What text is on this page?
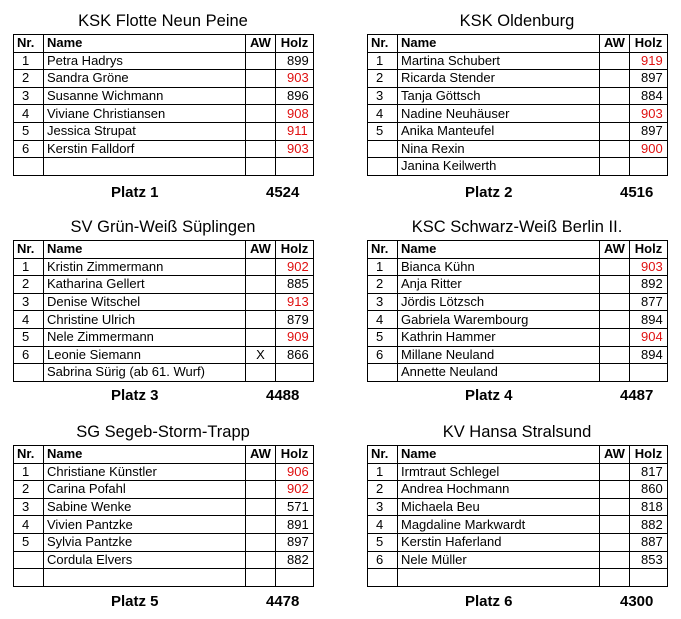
KSK Flotte Neun Peine
Nr.	Name	AW	Holz
1	Petra Hadrys		899
2	Sandra Gröne		903
3	Susanne Wichmann		896
4	Viviane Christiansen		908
5	Jessica Strupat		911
6	Kerstin Falldorf		903

Platz 1	4524
KSK Oldenburg
Nr.	Name	AW	Holz
1	Martina Schubert		919
2	Ricarda Stender		897
3	Tanja Göttsch		884
4	Nadine Neuhäuser		903
5	Anika Manteufel		897
	Nina Rexin		900
	Janina Keilwerth		
Platz 2	4516
SV Grün-Weiß Süplingen
Nr.	Name	AW	Holz
1	Kristin Zimmermann		902
2	Katharina Gellert		885
3	Denise Witschel		913
4	Christine Ulrich		879
5	Nele Zimmermann		909
6	Leonie Siemann	X	866
	Sabrina Sürig (ab 61. Wurf)		
Platz 3	4488
KSC Schwarz-Weiß Berlin II.
Nr.	Name	AW	Holz
1	Bianca Kühn		903
2	Anja Ritter		892
3	Jördis Lötzsch		877
4	Gabriela Warembourg		894
5	Kathrin Hammer		904
6	Millane Neuland		894
	Annette Neuland		
Platz 4	4487
SG Segeb-Storm-Trapp
Nr.	Name	AW	Holz
1	Christiane Künstler		906
2	Carina Pofahl		902
3	Sabine Wenke		571
4	Vivien Pantzke		891
5	Sylvia Pantzke		897
	Cordula Elvers		882

Platz 5	4478
KV Hansa Stralsund
Nr.	Name	AW	Holz
1	Irmtraut Schlegel		817
2	Andrea Hochmann		860
3	Michaela Beu		818
4	Magdaline Markwardt		882
5	Kerstin Haferland		887
6	Nele Müller		853

Platz 6	4300
